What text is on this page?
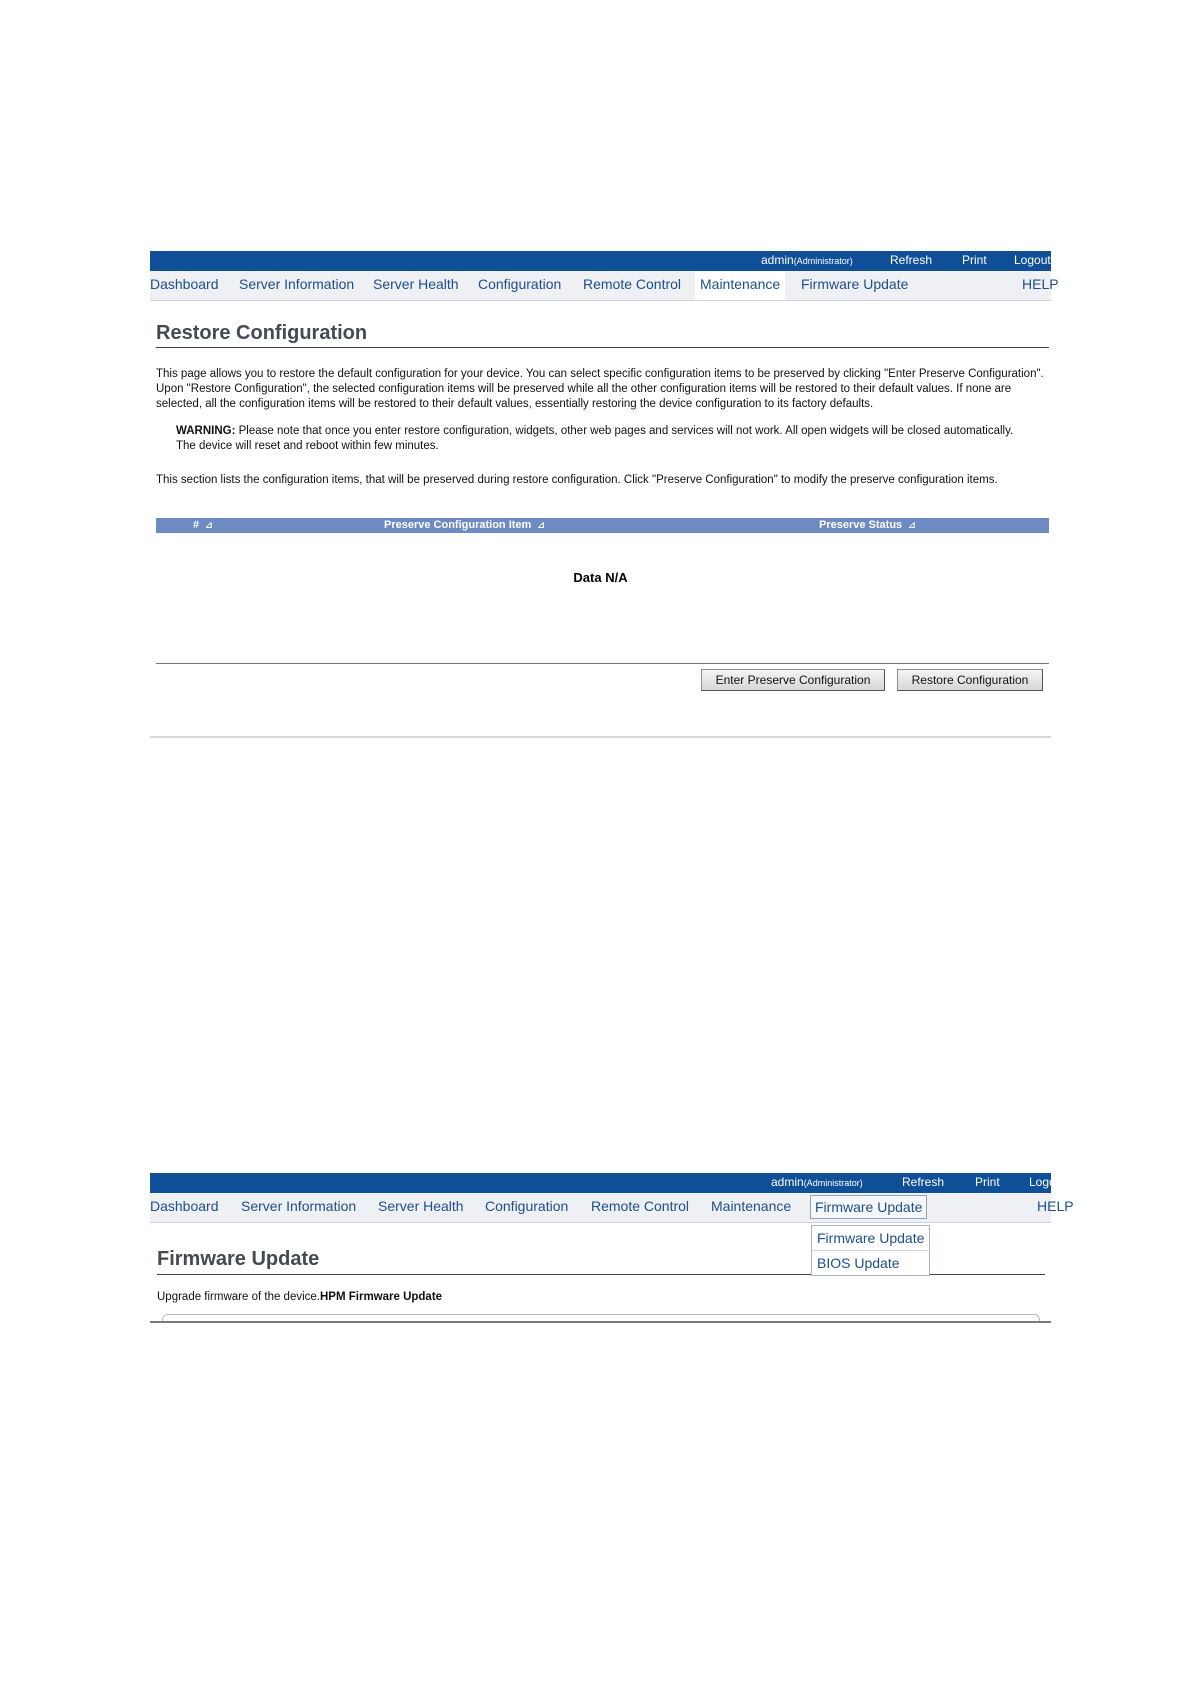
admin(Administrator)	Refresh Print Logout
Dashboard Server Information Server Health Configuration Remote Control	Maintenance	Firmware Update	HELP
Restore Configuration
This page allows you to restore the default configuration for your device. You can select specific configuration items to be preserved by clicking "Enter Preserve Configuration". Upon "Restore Configuration", the selected configuration items will be preserved while all the other configuration items will be restored to their default values. If none are selected, all the configuration items will be restored to their default values, essentially restoring the device configuration to its factory defaults.
WARNING: Please note that once you enter restore configuration, widgets, other web pages and services will not work. All open widgets will be closed automatically. The device will reset and reboot within few minutes.
This section lists the configuration items, that will be preserved during restore configuration. Click "Preserve Configuration" to modify the preserve configuration items.
# ⊿	Preserve Configuration Item ⊿	Preserve Status ⊿
Data N/A
Enter Preserve Configuration	Restore Configuration
admin(Administrator)	Refresh	Print Logout
Dashboard Server Information Server Health Configuration Remote Control Maintenance	Firmware Update	HELP
Firmware Update
BIOS Update
Firmware Update
Upgrade firmware of the device.HPM Firmware Update
